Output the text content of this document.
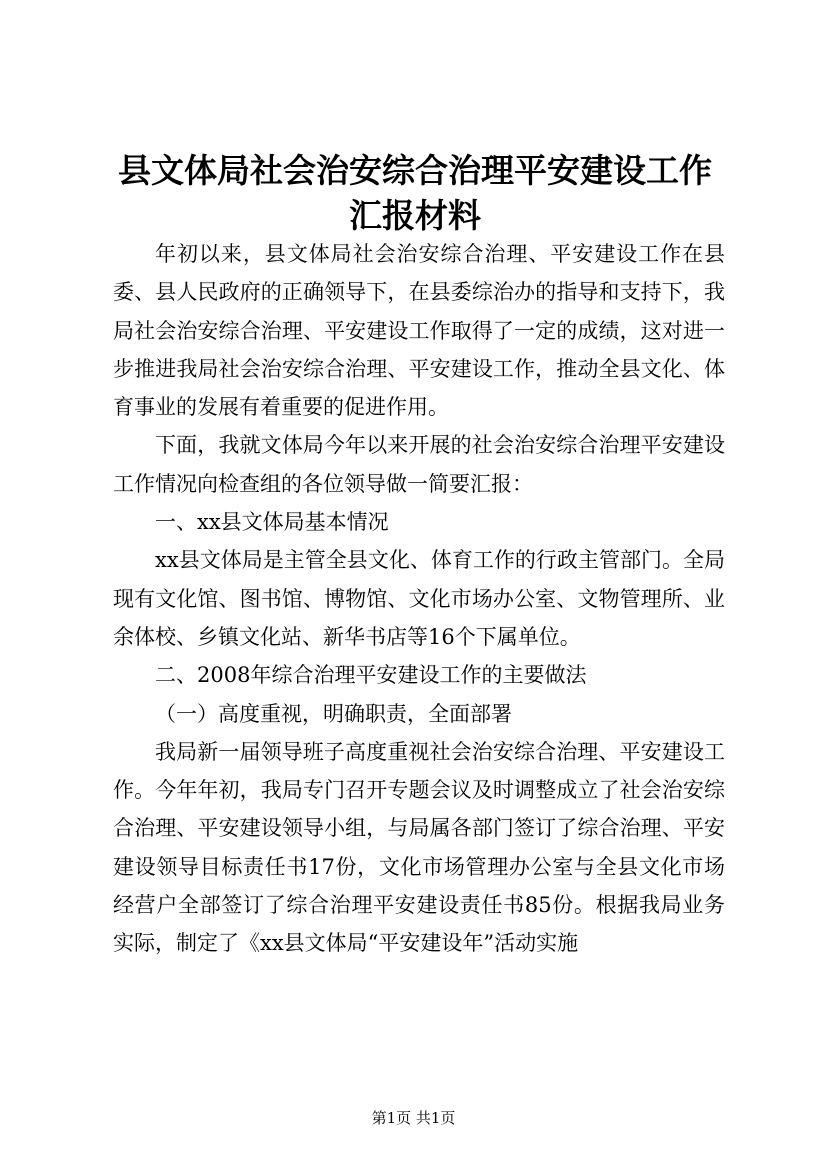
县文体局社会治安综合治理平安建设工作汇报材料

年初以来，县文体局社会治安综合治理、平安建设工作在县委、县人民政府的正确领导下，在县委综治办的指导和支持下，我局社会治安综合治理、平安建设工作取得了一定的成绩，这对进一步推进我局社会治安综合治理、平安建设工作，推动全县文化、体育事业的发展有着重要的促进作用。

下面，我就文体局今年以来开展的社会治安综合治理平安建设工作情况向检查组的各位领导做一简要汇报：

一、xx县文体局基本情况

xx县文体局是主管全县文化、体育工作的行政主管部门。全局现有文化馆、图书馆、博物馆、文化市场办公室、文物管理所、业余体校、乡镇文化站、新华书店等16个下属单位。

二、2008年综合治理平安建设工作的主要做法

（一）高度重视，明确职责，全面部署

我局新一届领导班子高度重视社会治安综合治理、平安建设工作。今年年初，我局专门召开专题会议及时调整成立了社会治安综合治理、平安建设领导小组，与局属各部门签订了综合治理、平安建设领导目标责任书17份，文化市场管理办公室与全县文化市场经营户全部签订了综合治理平安建设责任书85份。根据我局业务实际，制定了《xx县文体局“平安建设年”活动实施

第1页 共1页
